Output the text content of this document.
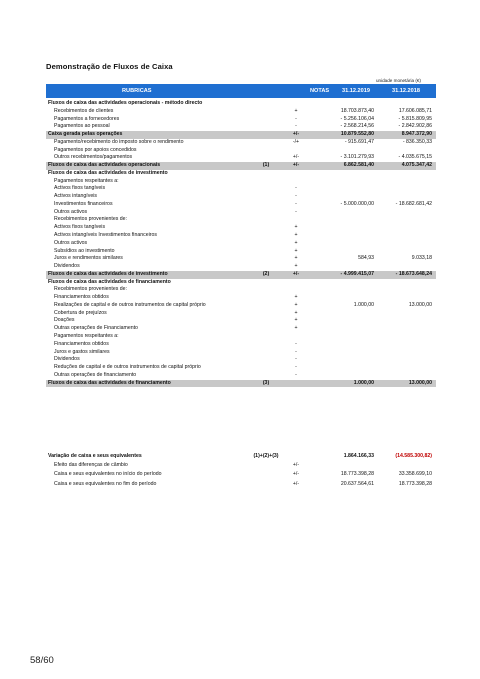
Demonstração de Fluxos de Caixa
unidade monetária (€)
RUBRICAS	NOTAS 31.12.2019	31.12.2018
Fluxos de caixa das actividades operacionais - método directo
Recebimentos de clientes	+	18.703.873,40	17.606.085,71
Pagamentos a fornecedores	-	- 5.256.106,04	- 5.815.809,95
Pagamentos ao pessoal	-	- 2.568.214,56	- 2.842.902,86
Caixa gerada pelas operações	+/-	10.879.552,80	8.947.372,90
Pagamento/recebimento do imposto sobre o rendimento	-/+	- 915.691,47	- 836.350,33
Pagamentos por apoios concedidos
Outros recebimentos/pagamentos	+/-	- 3.101.279,93	- 4.035.675,15
Fluxos de caixa das actividades operacionais	(1)	+/-	6.862.581,40	4.075.347,42
Fluxos de caixa das actividades de investimento
Pagamentos respeitantes a:
Activos fixos tangíveis	-
Activos intangíveis	-
Investimentos financeiros	-	- 5.000.000,00	- 18.682.681,42
Outros activos	-
Recebimentos provenientes de:
Activos fixos tangíveis	+
Activos intangíveis Investimentos financeiros	+
Outros activos	+
Subsídios ao investimento	+
Juros e rendimentos similares	+	584,93	9.033,18
Dividendos	+
Fluxos de caixa das actividades de investimento	(2)	+/-	- 4.999.415,07	- 18.673.648,24
Fluxos de caixa das actividades de financiamento
Recebimentos provenientes de:
Financiamentos obtidos	+
Realizações de capital e de outros instrumentos de capital próprio	+	1.000,00	13.000,00
Cobertura de prejuízos	+
Doações	+
Outras operações de Financiamento	+
Pagamentos respeitantes a:
Financiamentos obtidos	-
Juros e gastos similares	-
Dividendos	-
Reduções de capital e de outros instrumentos de capital próprio	-
Outras operações de financiamento	-
Fluxos de caixa das actividades de financiamento	(3)	1.000,00	13.000,00
Variação de caixa e seus equivalentes	(1)+(2)+(3)	1.864.166,33	(14.585.300,82)
Efeito das diferenças de câmbio	+/-
Caixa e seus equivalentes no início do período	+/-	18.773.398,28	33.358.699,10
Caixa e seus equivalentes no fim do período	+/-	20.637.564,61	18.773.398,28
58/60
